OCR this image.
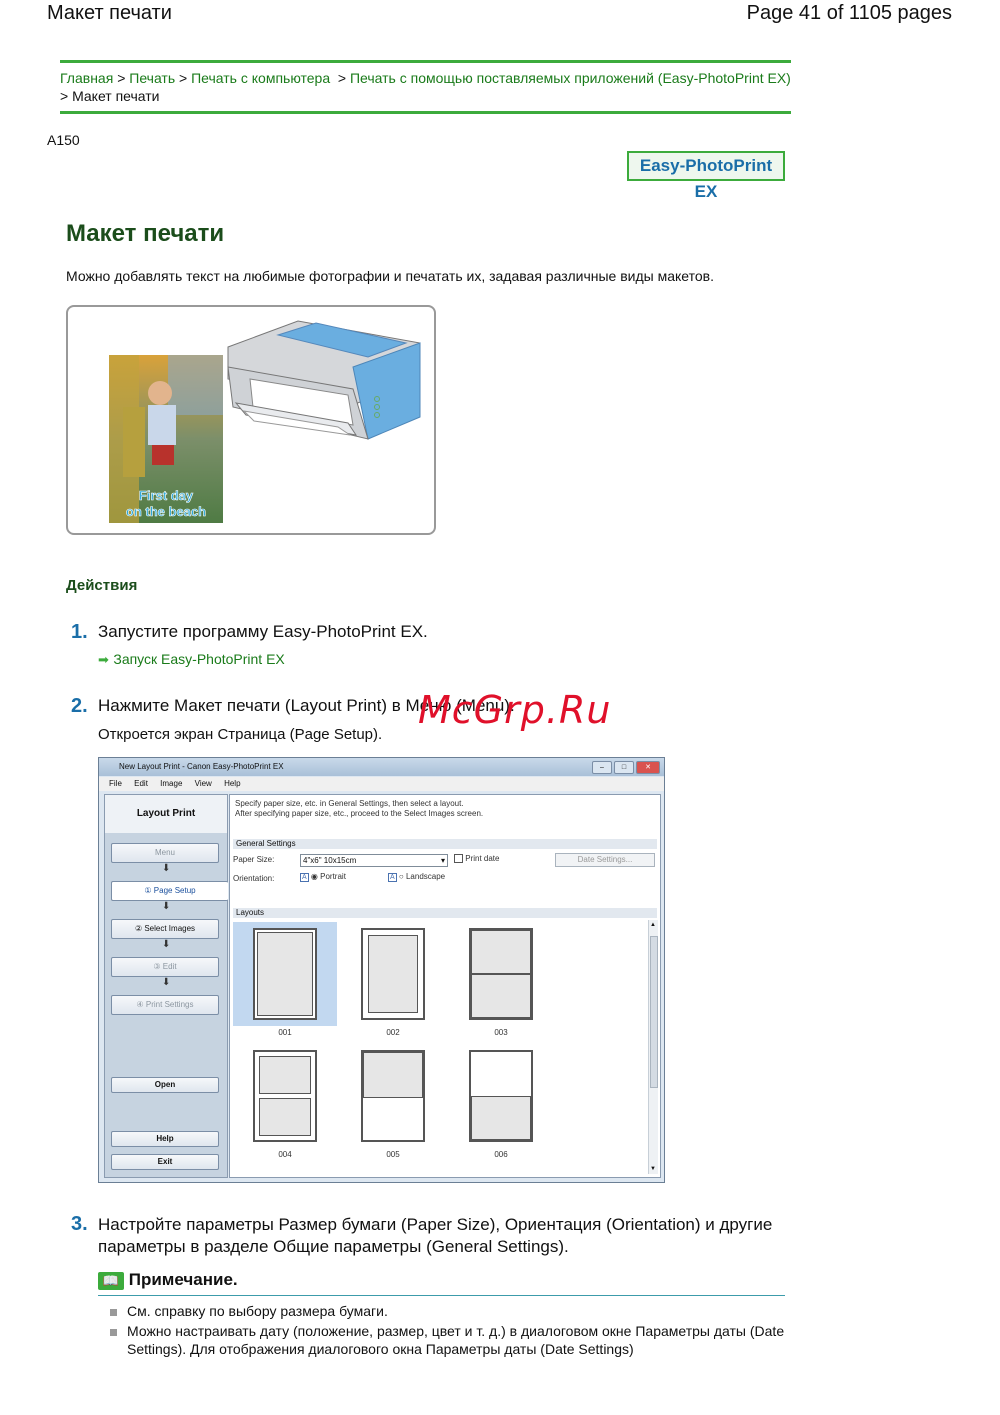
Макет печати	Page 41 of 1105 pages
Главная > Печать > Печать с компьютера  > Печать с помощью поставляемых приложений (Easy-PhotoPrint EX) > Макет печати
A150
Easy-PhotoPrint EX
Макет печати
Можно добавлять текст на любимые фотографии и печатать их, задавая различные виды макетов.
First day
on the beach
Действия
1. Запустите программу Easy-PhotoPrint EX.
➡ Запуск Easy-PhotoPrint EX
2. Нажмите Макет печати (Layout Print) в Меню (Menu).
Откроется экран Страница (Page Setup).
McGrp.Ru
New Layout Print - Canon Easy-PhotoPrint EX	–	□	✕
File Edit Image View Help
Layout Print
Menu
⬇
① Page Setup
⬇
② Select Images
⬇
③ Edit
⬇
④ Print Settings
Open
Help
Exit
Specify paper size, etc. in General Settings, then select a layout.
After specifying paper size, etc., proceed to the Select Images screen.
General Settings
Paper Size:	4"x6" 10x15cm	▾	Print date	Date Settings...
Orientation:	A ◉ Portrait	A ○ Landscape
Layouts
001	002	003
004	005	006
▲
▼
3. Настройте параметры Размер бумаги (Paper Size), Ориентация (Orientation) и другие параметры в разделе Общие параметры (General Settings).
📖 Примечание.
См. справку по выбору размера бумаги.
Можно настраивать дату (положение, размер, цвет и т. д.) в диалоговом окне Параметры даты (Date Settings). Для отображения диалогового окна Параметры даты (Date Settings)
